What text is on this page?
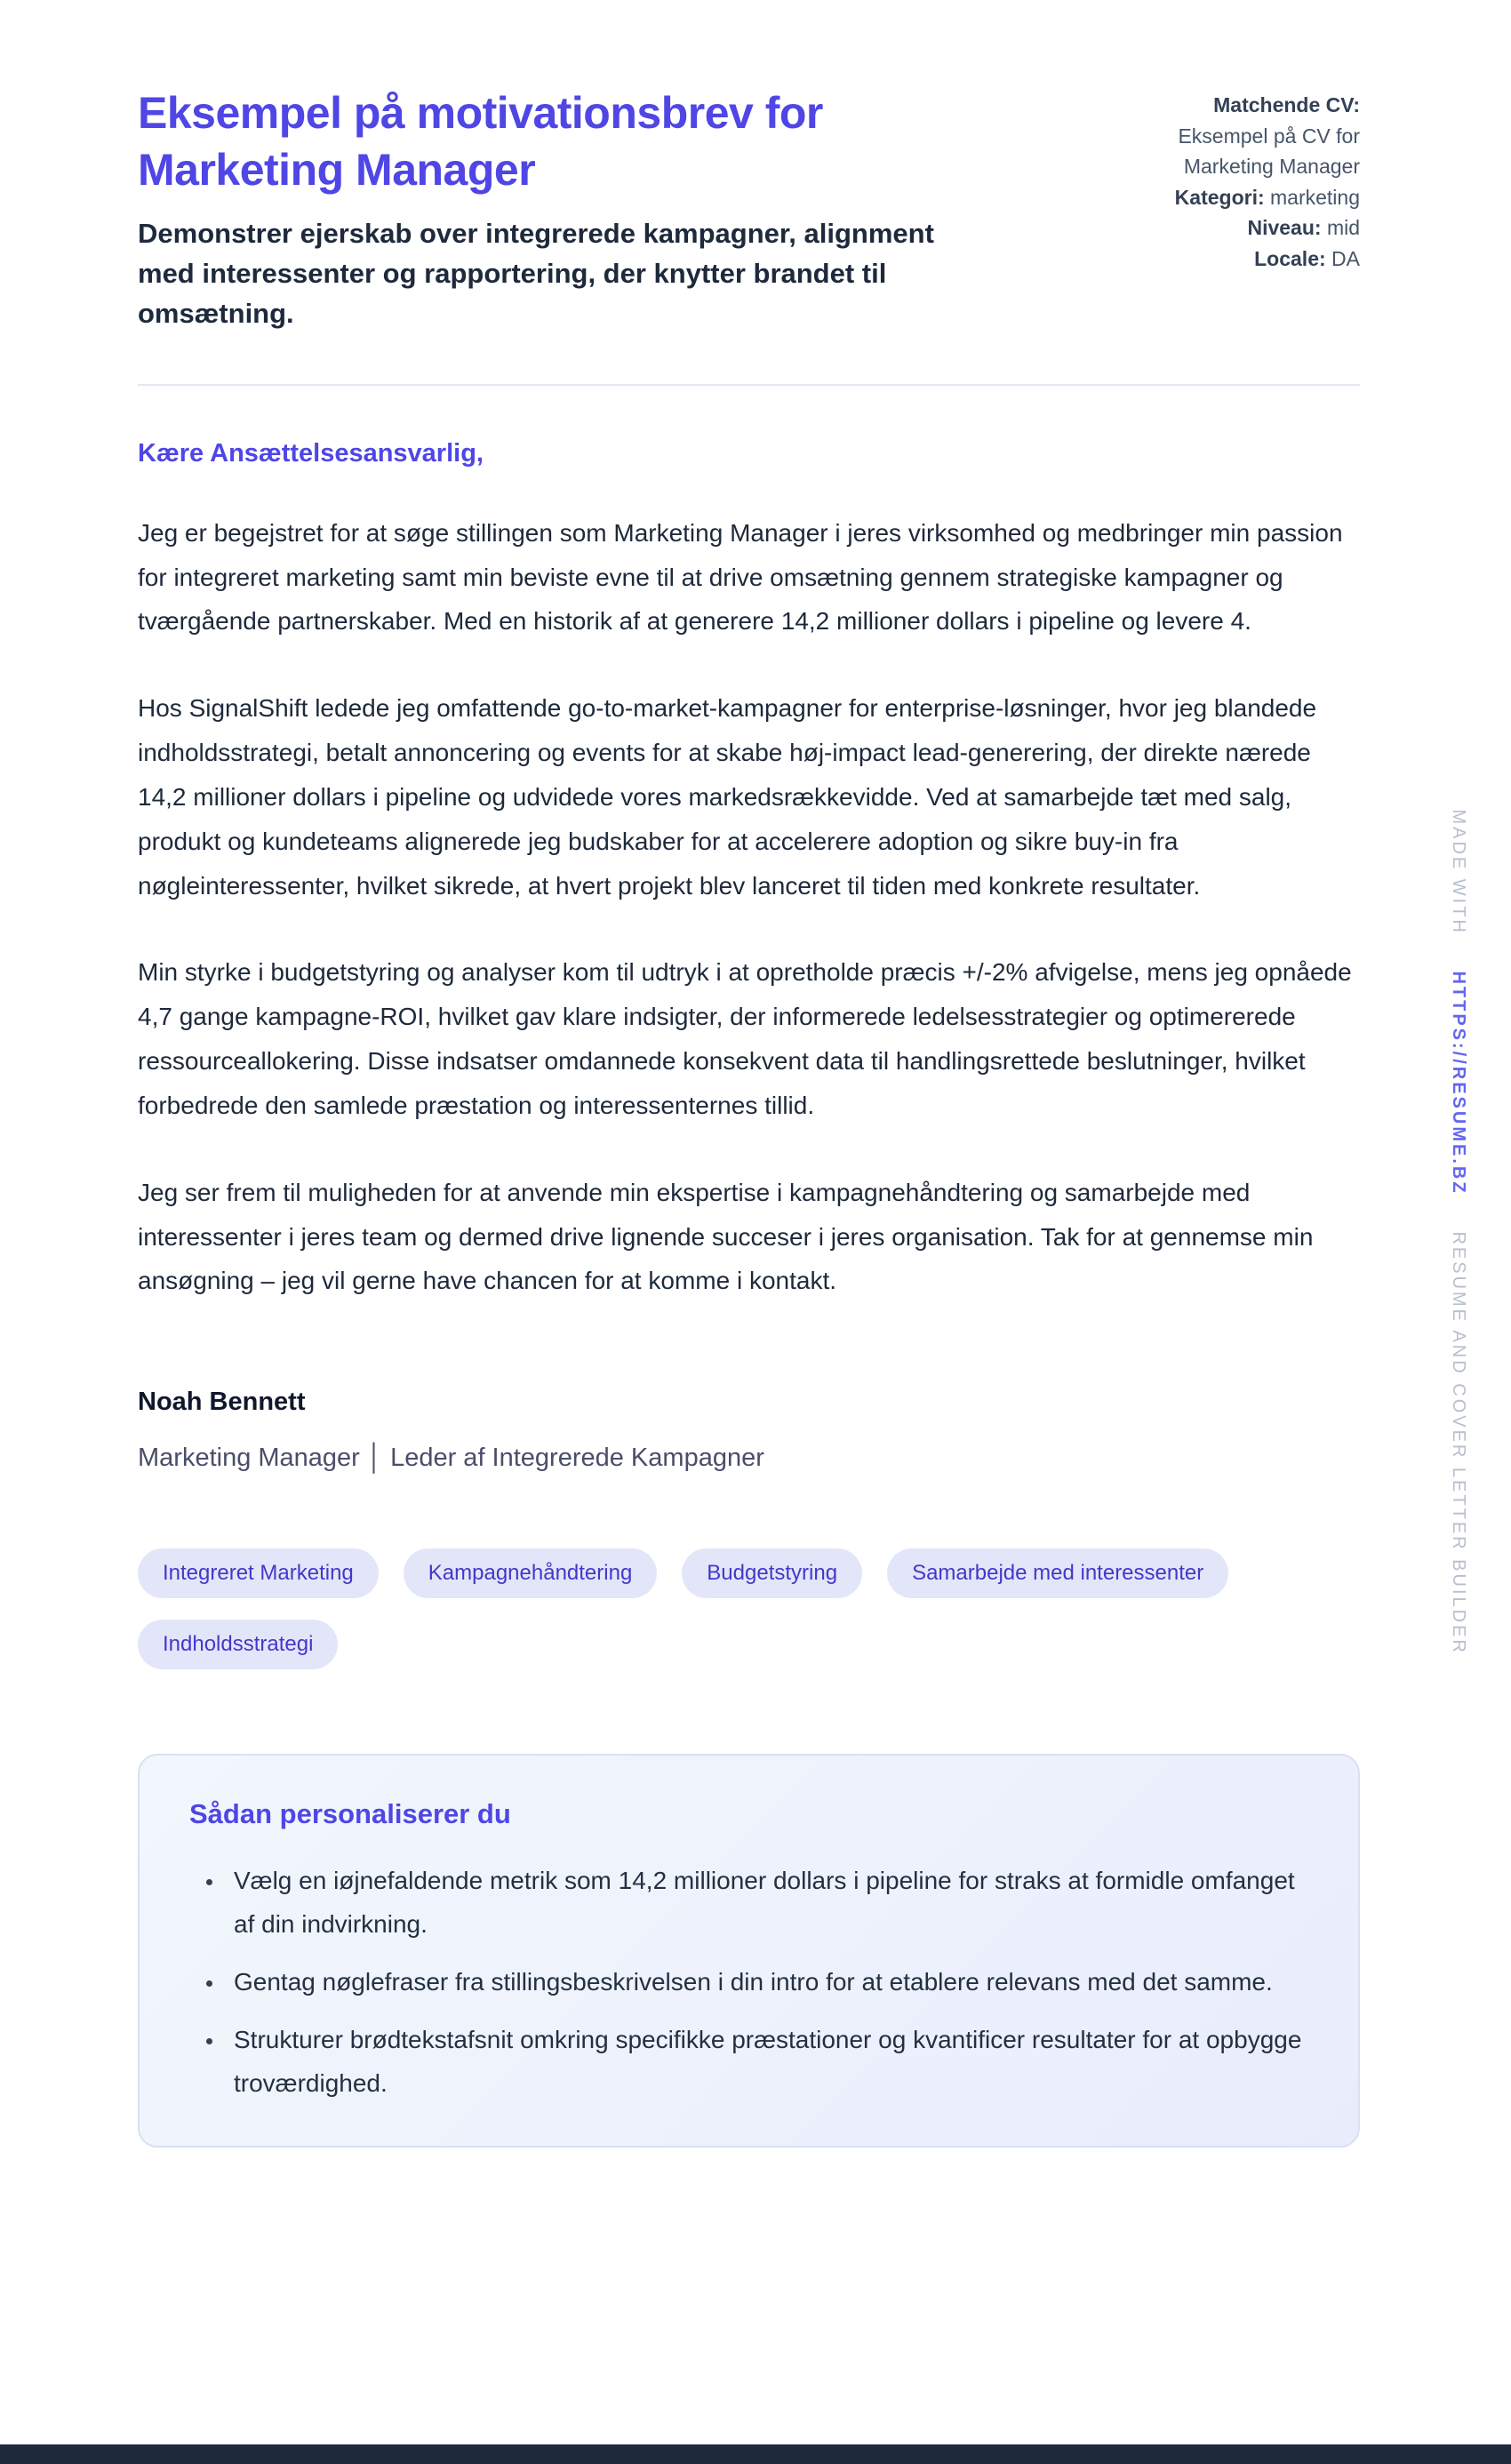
Eksempel på motivationsbrev for Marketing Manager

Demonstrer ejerskab over integrerede kampagner, alignment med interessenter og rapportering, der knytter brandet til omsætning.

Matchende CV:
Eksempel på CV for Marketing Manager
Kategori: marketing
Niveau: mid
Locale: DA

Kære Ansættelsesansvarlig,

Jeg er begejstret for at søge stillingen som Marketing Manager i jeres virksomhed og medbringer min passion for integreret marketing samt min beviste evne til at drive omsætning gennem strategiske kampagner og tværgående partnerskaber. Med en historik af at generere 14,2 millioner dollars i pipeline og levere 4.

Hos SignalShift ledede jeg omfattende go-to-market-kampagner for enterprise-løsninger, hvor jeg blandede indholdsstrategi, betalt annoncering og events for at skabe høj-impact lead-generering, der direkte nærede 14,2 millioner dollars i pipeline og udvidede vores markedsrækkevidde. Ved at samarbejde tæt med salg, produkt og kundeteams alignerede jeg budskaber for at accelerere adoption og sikre buy-in fra nøgleinteressenter, hvilket sikrede, at hvert projekt blev lanceret til tiden med konkrete resultater.

Min styrke i budgetstyring og analyser kom til udtryk i at opretholde præcis +/-2% afvigelse, mens jeg opnåede 4,7 gange kampagne-ROI, hvilket gav klare indsigter, der informerede ledelsesstrategier og optimererede ressourceallokering. Disse indsatser omdannede konsekvent data til handlingsrettede beslutninger, hvilket forbedrede den samlede præstation og interessenternes tillid.

Jeg ser frem til muligheden for at anvende min ekspertise i kampagnehåndtering og samarbejde med interessenter i jeres team og dermed drive lignende succeser i jeres organisation. Tak for at gennemse min ansøgning – jeg vil gerne have chancen for at komme i kontakt.

Noah Bennett

Marketing Manager │ Leder af Integrerede Kampagner

Integreret Marketing	Kampagnehåndtering	Budgetstyring	Samarbejde med interessenter
Indholdsstrategi
Sådan personaliserer du
• Vælg en iøjnefaldende metrik som 14,2 millioner dollars i pipeline for straks at formidle omfanget af din indvirkning.
• Gentag nøglefraser fra stillingsbeskrivelsen i din intro for at etablere relevans med det samme.
• Strukturer brødtekstafsnit omkring specifikke præstationer og kvantificer resultater for at opbygge troværdighed.
MADE WITH HTTPS://RESUME.BZ RESUME AND COVER LETTER BUILDER
